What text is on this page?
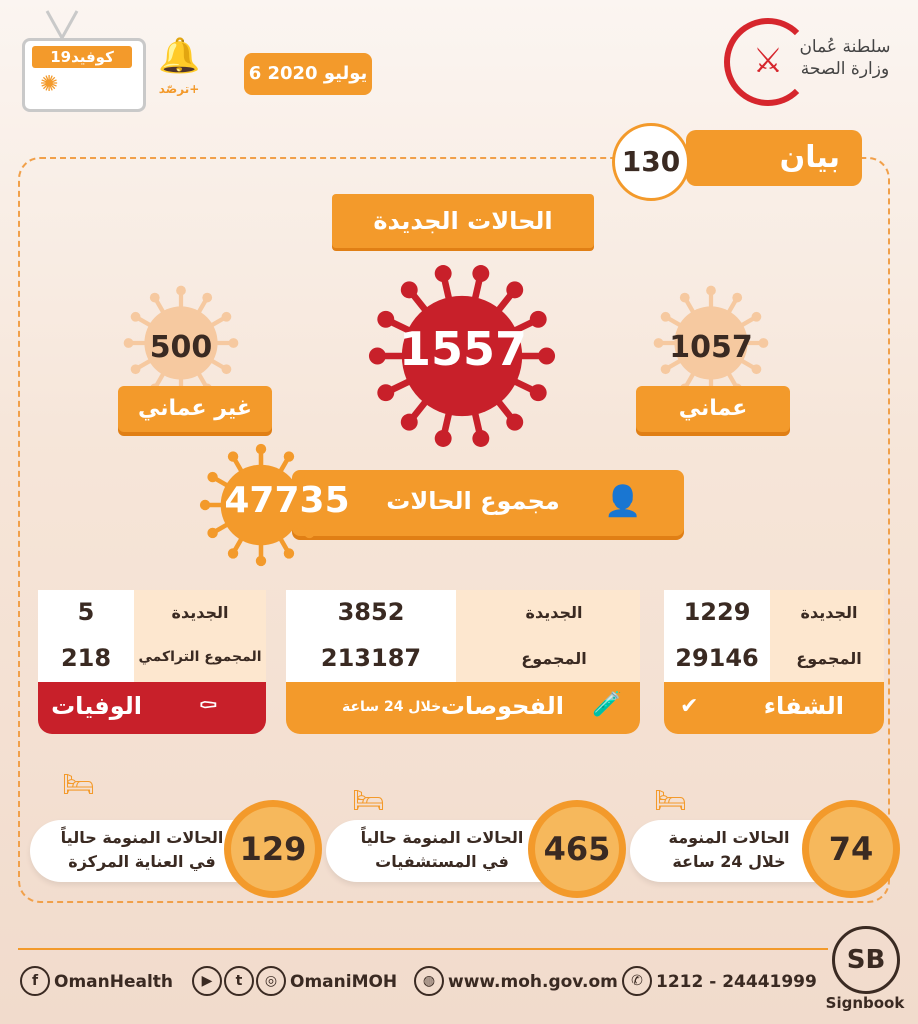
كوفيد19
✺
🔔
ترصّد+
6 يوليو 2020	⚔ سلطنة عُمان
وزارة الصحة
بيان
130
الحالات الجديدة
1557	1057
عماني
500
غير عماني
47735	مجموع الحالات 👤
الجديدة
1229
المجموع
29146
الشفاء
✔
الجديدة
3852
المجموع
213187
الفحوصات
خلال 24 ساعة	🧪
الجديدة
5
المجموع التراكمي
218
الوفيات ⚰
🛏
الحالات المنومة
خلال 24 ساعة	74
🛏
الحالات المنومة حالياً
في المستشفيات	465
🛏
الحالات المنومة حالياً
في العناية المركزة 129
f OmanHealth	▶	t	◎ OmaniMOH	◍ www.moh.gov.om ✆ 1212 - 24441999
SB
Signbook
